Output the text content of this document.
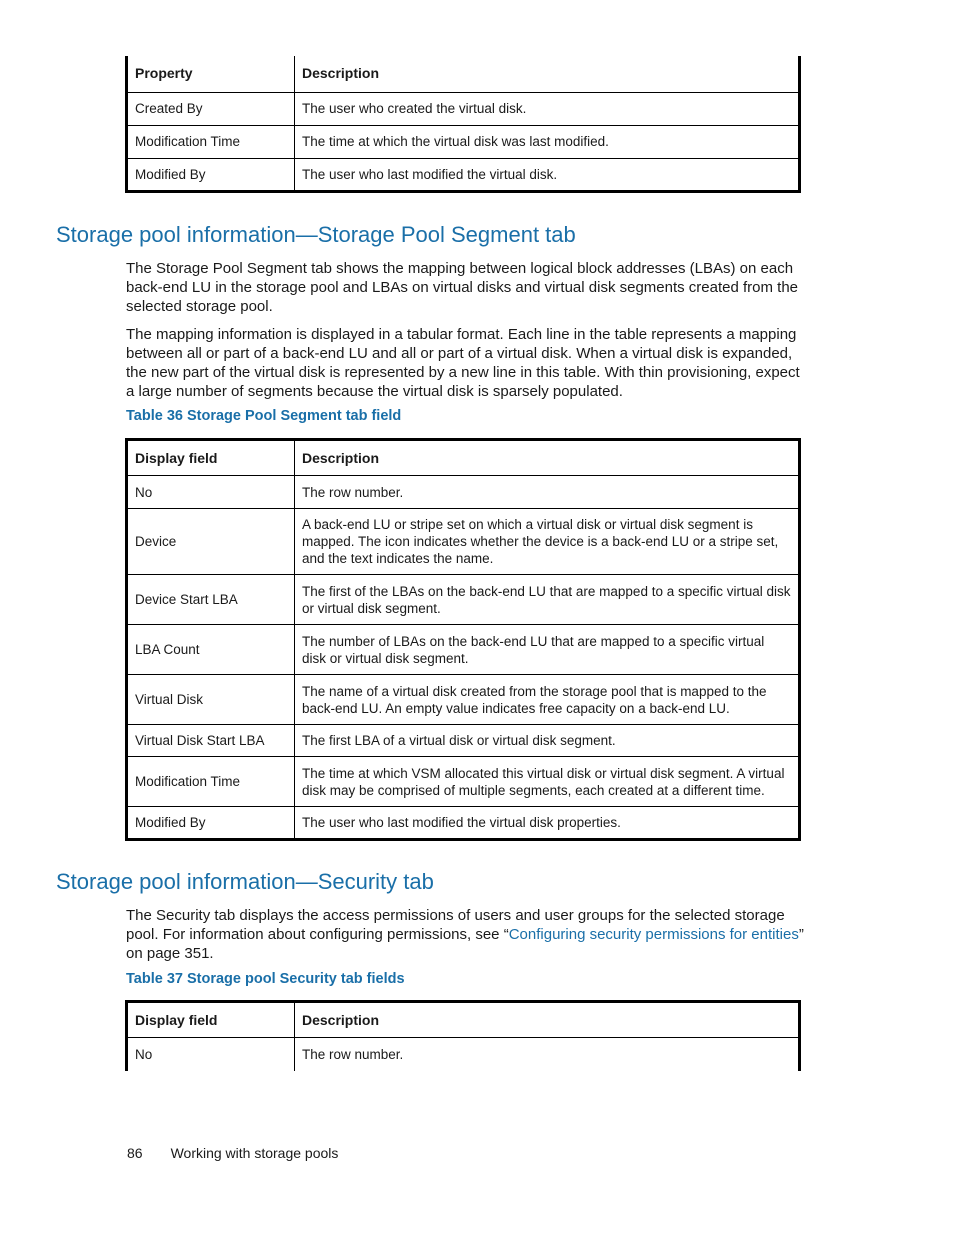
Property	Description
Created By	The user who created the virtual disk.
Modification Time	The time at which the virtual disk was last modified.
Modified By	The user who last modified the virtual disk.
Storage pool information—Storage Pool Segment tab

The Storage Pool Segment tab shows the mapping between logical block addresses (LBAs) on each back-end LU in the storage pool and LBAs on virtual disks and virtual disk segments created from the selected storage pool.

The mapping information is displayed in a tabular format. Each line in the table represents a mapping between all or part of a back-end LU and all or part of a virtual disk. When a virtual disk is expanded, the new part of the virtual disk is represented by a new line in this table. With thin provisioning, expect a large number of segments because the virtual disk is sparsely populated.

Table 36 Storage Pool Segment tab field
Display field	Description
No	The row number.
Device	A back-end LU or stripe set on which a virtual disk or virtual disk segment is mapped. The icon indicates whether the device is a back-end LU or a stripe set, and the text indicates the name.
Device Start LBA	The first of the LBAs on the back-end LU that are mapped to a specific virtual disk or virtual disk segment.
LBA Count	The number of LBAs on the back-end LU that are mapped to a specific virtual disk or virtual disk segment.
Virtual Disk	The name of a virtual disk created from the storage pool that is mapped to the back-end LU. An empty value indicates free capacity on a back-end LU.
Virtual Disk Start LBA	The first LBA of a virtual disk or virtual disk segment.
Modification Time	The time at which VSM allocated this virtual disk or virtual disk segment. A virtual disk may be comprised of multiple segments, each created at a different time.
Modified By	The user who last modified the virtual disk properties.
Storage pool information—Security tab

The Security tab displays the access permissions of users and user groups for the selected storage pool. For information about configuring permissions, see “Configuring security permissions for entities” on page 351.

Table 37 Storage pool Security tab fields
Display field	Description
No	The row number.
86 Working with storage pools
